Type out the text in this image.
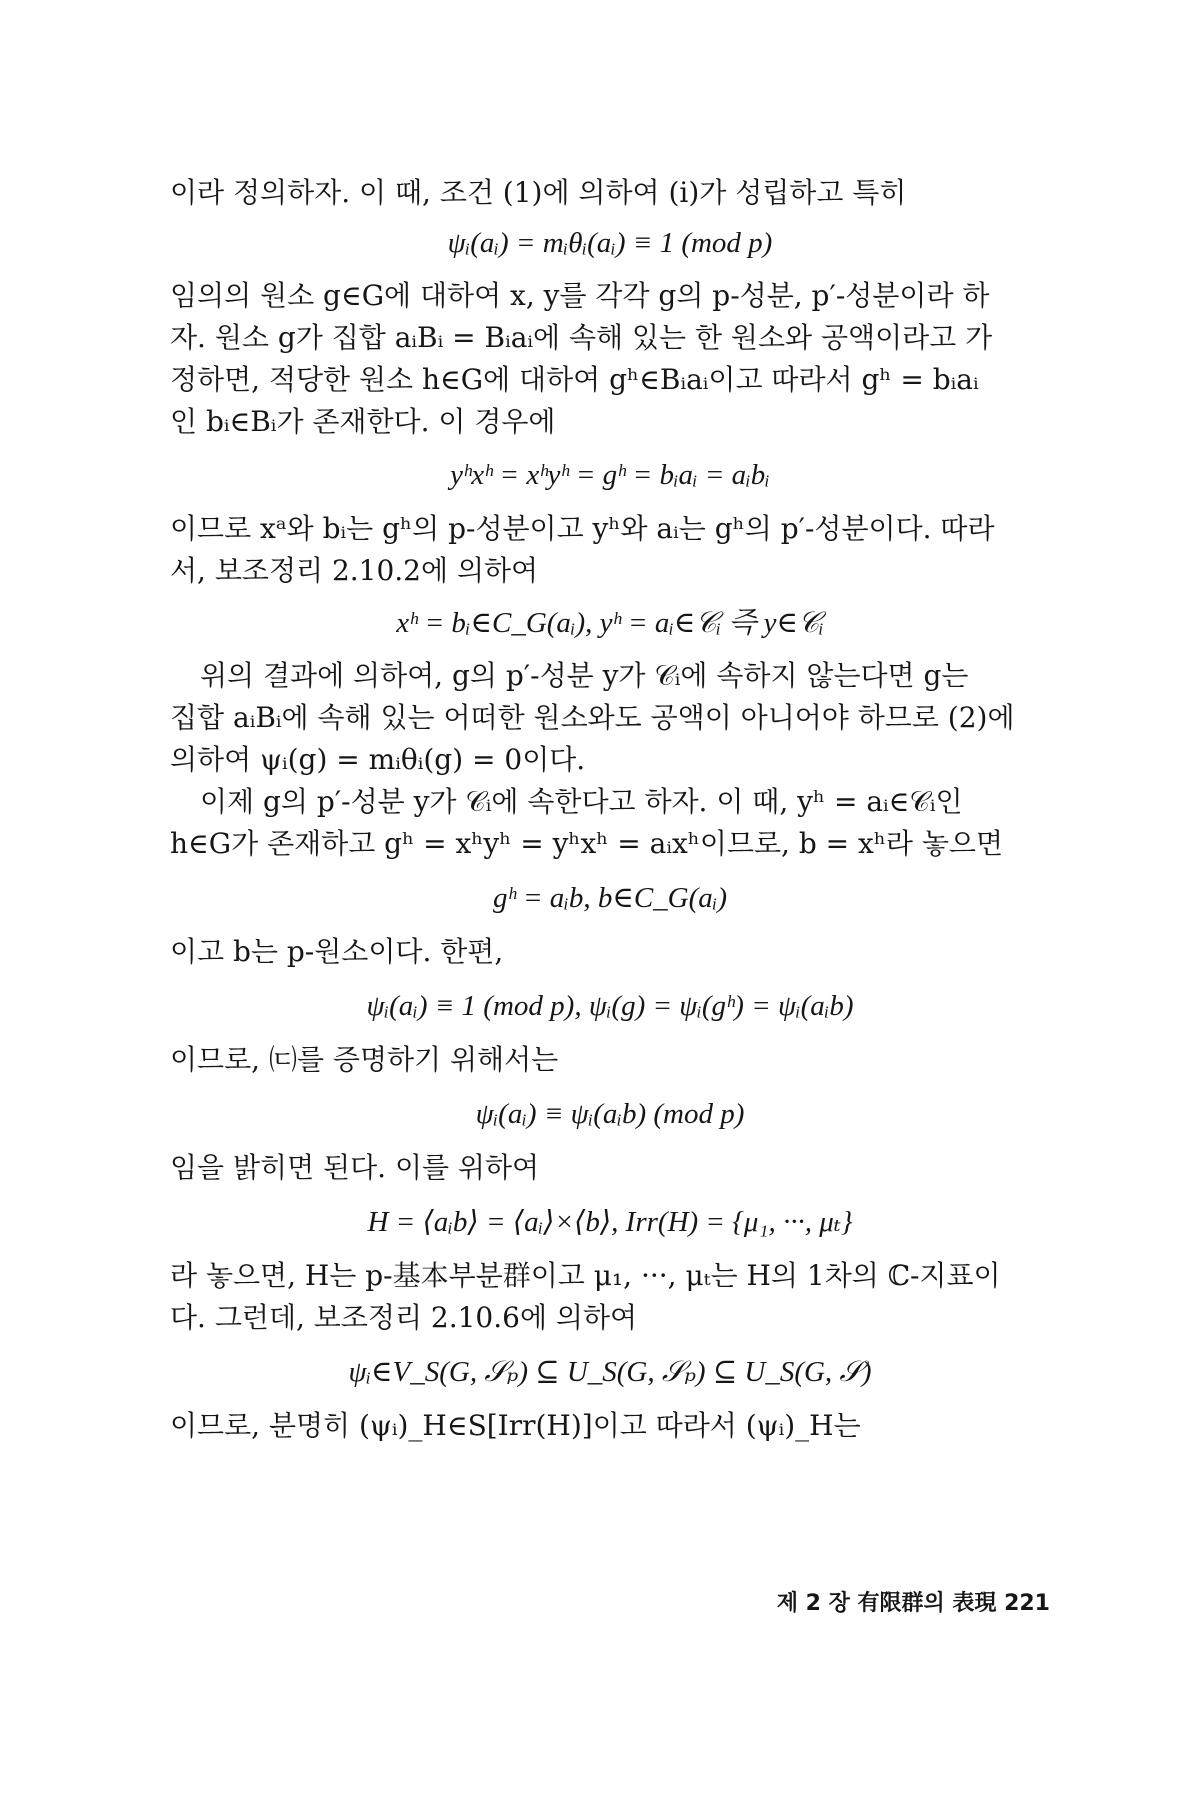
이라 정의하자. 이 때, 조건 (1)에 의하여 (i)가 성립하고 특히

ψᵢ(aᵢ) = mᵢθᵢ(aᵢ) ≡ 1 (mod p)

임의의 원소 g∈G에 대하여 x, y를 각각 g의 p-성분, p′-성분이라 하

자. 원소 g가 집합 aᵢBᵢ = Bᵢaᵢ에 속해 있는 한 원소와 공액이라고 가

정하면, 적당한 원소 h∈G에 대하여 gʰ∈Bᵢaᵢ이고 따라서 gʰ = bᵢaᵢ

인 bᵢ∈Bᵢ가 존재한다. 이 경우에

yʰxʰ = xʰyʰ = gʰ = bᵢaᵢ = aᵢbᵢ

이므로 xᵃ와 bᵢ는 gʰ의 p-성분이고 yʰ와 aᵢ는 gʰ의 p′-성분이다. 따라

서, 보조정리 2.10.2에 의하여

xʰ = bᵢ∈C_G(aᵢ), yʰ = aᵢ∈𝒞ᵢ 즉 y∈𝒞ᵢ

위의 결과에 의하여, g의 p′-성분 y가 𝒞ᵢ에 속하지 않는다면 g는

집합 aᵢBᵢ에 속해 있는 어떠한 원소와도 공액이 아니어야 하므로 (2)에

의하여 ψᵢ(g) = mᵢθᵢ(g) = 0이다.

이제 g의 p′-성분 y가 𝒞ᵢ에 속한다고 하자. 이 때, yʰ = aᵢ∈𝒞ᵢ인

h∈G가 존재하고 gʰ = xʰyʰ = yʰxʰ = aᵢxʰ이므로, b = xʰ라 놓으면

gʰ = aᵢb, b∈C_G(aᵢ)

이고 b는 p-원소이다. 한편,

ψᵢ(aᵢ) ≡ 1 (mod p), ψᵢ(g) = ψᵢ(gʰ) = ψᵢ(aᵢb)

이므로, ㈂를 증명하기 위해서는

ψᵢ(aᵢ) ≡ ψᵢ(aᵢb) (mod p)

임을 밝히면 된다. 이를 위하여

H = ⟨aᵢb⟩ = ⟨aᵢ⟩×⟨b⟩, Irr(H) = {μ₁, ···, μₜ}

라 놓으면, H는 p-基本부분群이고 μ₁, ···, μₜ는 H의 1차의 ℂ-지표이

다. 그런데, 보조정리 2.10.6에 의하여

ψᵢ∈V_S(G, 𝒮ₚ) ⊆ U_S(G, 𝒮ₚ) ⊆ U_S(G, 𝒮)

이므로, 분명히 (ψᵢ)_H∈S[Irr(H)]이고 따라서 (ψᵢ)_H는

제 2 장 有限群의 表現 221
